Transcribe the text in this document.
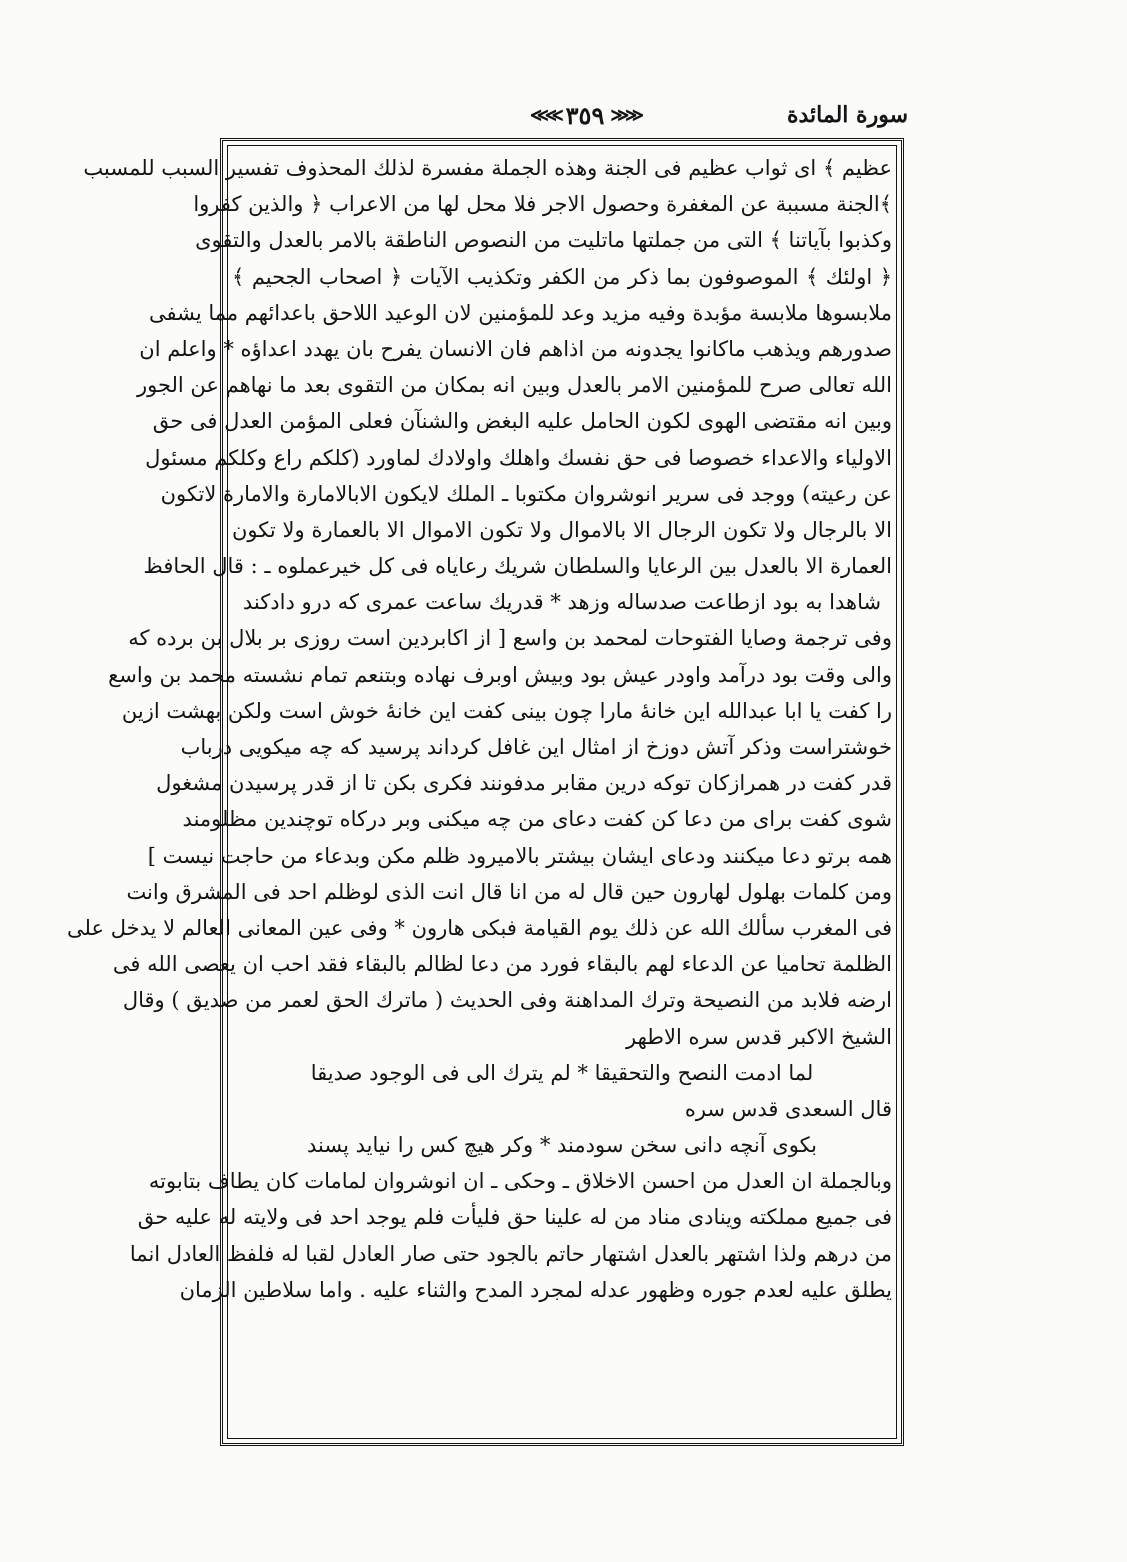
سورة المائدة
≪≪ ٣٥٩ ≫≫
عظيم ﴾ اى ثواب عظيم فى الجنة وهذه الجملة مفسرة لذلك المحذوف تفسير السبب للمسبب
﴾الجنة مسببة عن المغفرة وحصول الاجر فلا محل لها من الاعراب ﴿ والذين كفروا
وكذبوا بآياتنا ﴾ التى من جملتها ماتليت من النصوص الناطقة بالامر بالعدل والتقوى
﴿ اولئك ﴾ الموصوفون بما ذكر من الكفر وتكذيب الآيات ﴿ اصحاب الجحيم ﴾
ملابسوها ملابسة مؤبدة وفيه مزيد وعد للمؤمنين لان الوعيد اللاحق باعدائهم مما يشفى
صدورهم ويذهب ماكانوا يجدونه من اذاهم فان الانسان يفرح بان يهدد اعداؤه * واعلم ان
الله تعالى صرح للمؤمنين الامر بالعدل وبين انه بمكان من التقوى بعد ما نهاهم عن الجور
وبين انه مقتضى الهوى لكون الحامل عليه البغض والشنآن فعلى المؤمن العدل فى حق
الاولياء والاعداء خصوصا فى حق نفسك واهلك واولادك لماورد (كلكم راع وكلكم مسئول
عن رعيته) ووجد فى سرير انوشروان مكتوبا ـ الملك لايكون الابالامارة والامارة لاتكون
الا بالرجال ولا تكون الرجال الا بالاموال ولا تكون الاموال الا بالعمارة ولا تكون
العمارة الا بالعدل بين الرعايا والسلطان شريك رعاياه فى كل خيرعملوه ـ : قال الحافظ
شاهدا به بود ازطاعت صدساله وزهد * قدريك ساعت عمرى كه درو دادكند
وفى ترجمة وصايا الفتوحات لمحمد بن واسع [ از اكابردين است روزى بر بلال بن برده كه
والى وقت بود درآمد واودر عيش بود وبيش اوبرف نهاده وبتنعم تمام نشسته محمد بن واسع
را كفت يا ابا عبدالله اين خانهٔ مارا چون بينى كفت اين خانهٔ خوش است ولكن بهشت ازين
خوشتراست وذكر آتش دوزخ از امثال اين غافل كرداند پرسيد كه چه ميكويى درباب
قدر كفت در همرازكان توكه درين مقابر مدفونند فكرى بكن تا از قدر پرسيدن مشغول
شوى كفت براى من دعا كن كفت دعاى من چه ميكنى وبر دركاه توچندين مظلومند
همه برتو دعا ميكنند ودعاى ايشان بيشتر بالاميرود ظلم مكن وبدعاء من حاجت نيست ]
ومن كلمات بهلول لهارون حين قال له من انا قال انت الذى لوظلم احد فى المشرق وانت
فى المغرب سألك الله عن ذلك يوم القيامة فبكى هارون * وفى عين المعانى العالم لا يدخل على
الظلمة تحاميا عن الدعاء لهم بالبقاء فورد من دعا لظالم بالبقاء فقد احب ان يعصى الله فى
ارضه فلابد من النصيحة وترك المداهنة وفى الحديث ( ماترك الحق لعمر من صديق ) وقال
الشيخ الاكبر قدس سره الاطهر
لما ادمت النصح والتحقيقا * لم يترك الى فى الوجود صديقا
قال السعدى قدس سره
بكوى آنچه دانى سخن سودمند * وكر هيچ كس را نيايد پسند
وبالجملة ان العدل من احسن الاخلاق ـ وحكى ـ ان انوشروان لمامات كان يطاف بتابوته
فى جميع مملكته وينادى مناد من له علينا حق فليأت فلم يوجد احد فى ولايته له عليه حق
من درهم ولذا اشتهر بالعدل اشتهار حاتم بالجود حتى صار العادل لقبا له فلفظ العادل انما
يطلق عليه لعدم جوره وظهور عدله لمجرد المدح والثناء عليه . واما سلاطين الزمان
